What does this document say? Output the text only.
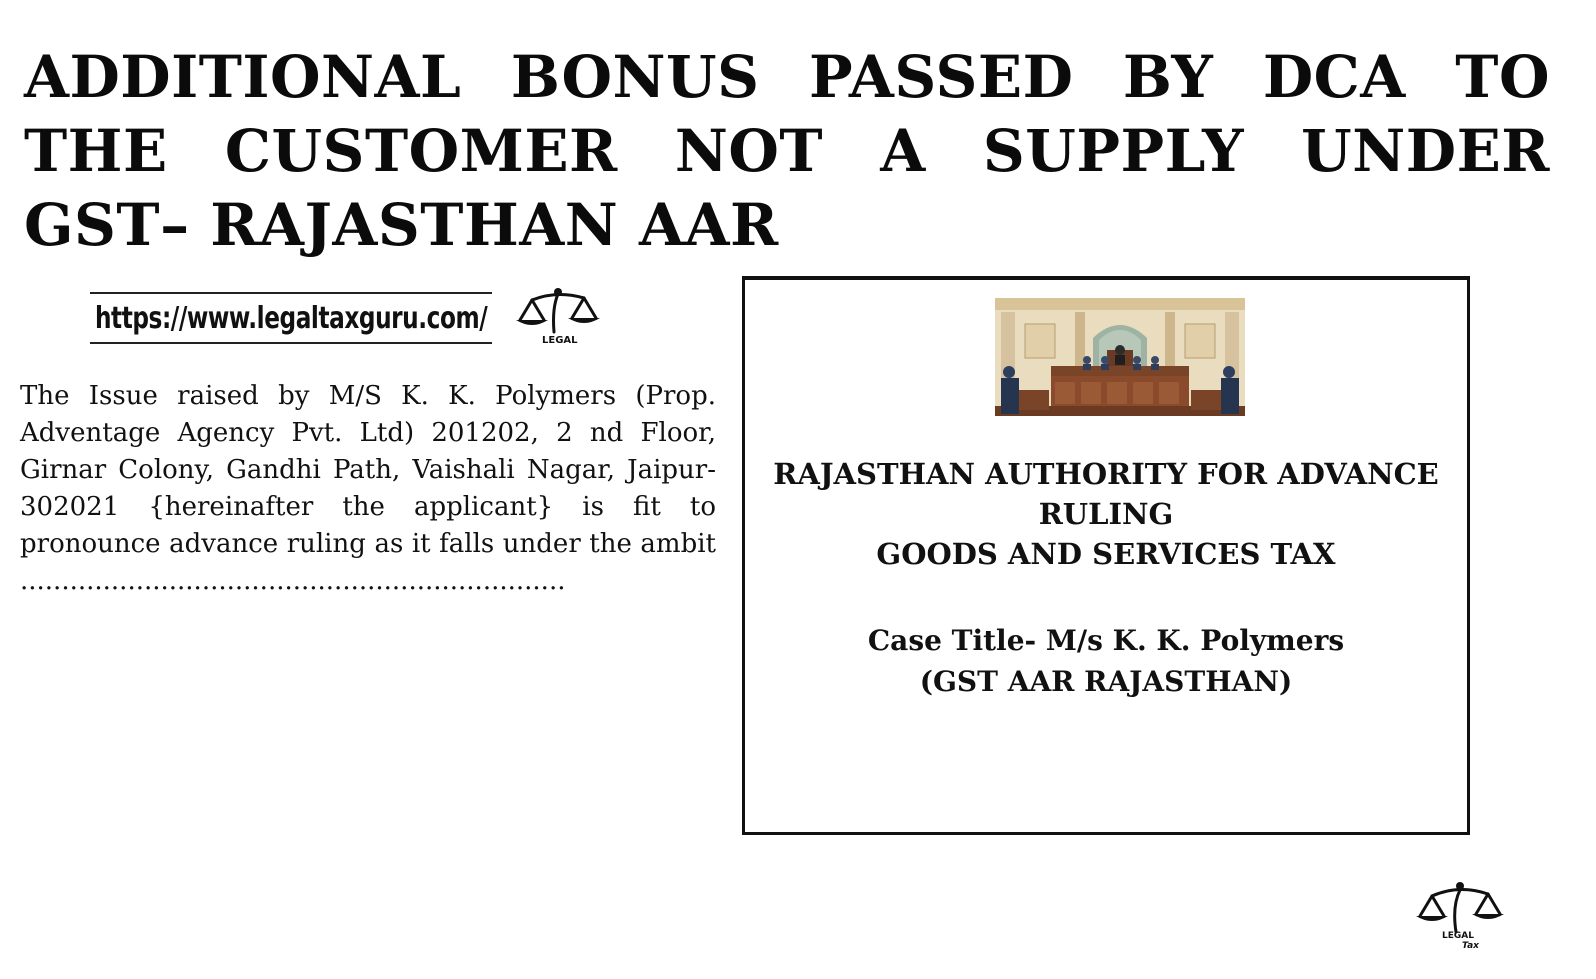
ADDITIONAL BONUS PASSED BY DCA TO THE CUSTOMER NOT A SUPPLY UNDER GST– RAJASTHAN AAR
https://www.legaltaxguru.com/
LEGAL

The Issue raised by M/S K. K. Polymers (Prop. Adventage Agency Pvt. Ltd) 201202, 2 nd Floor, Girnar Colony, Gandhi Path, Vaishali Nagar, Jaipur- 302021 {hereinafter the applicant} is fit to pronounce advance ruling as it falls under the ambit ..................................................................

RAJASTHAN AUTHORITY FOR ADVANCE
RULING
GOODS AND SERVICES TAX
Case Title- M/s K. K. Polymers
(GST AAR RAJASTHAN)
LEGAL
Tax
